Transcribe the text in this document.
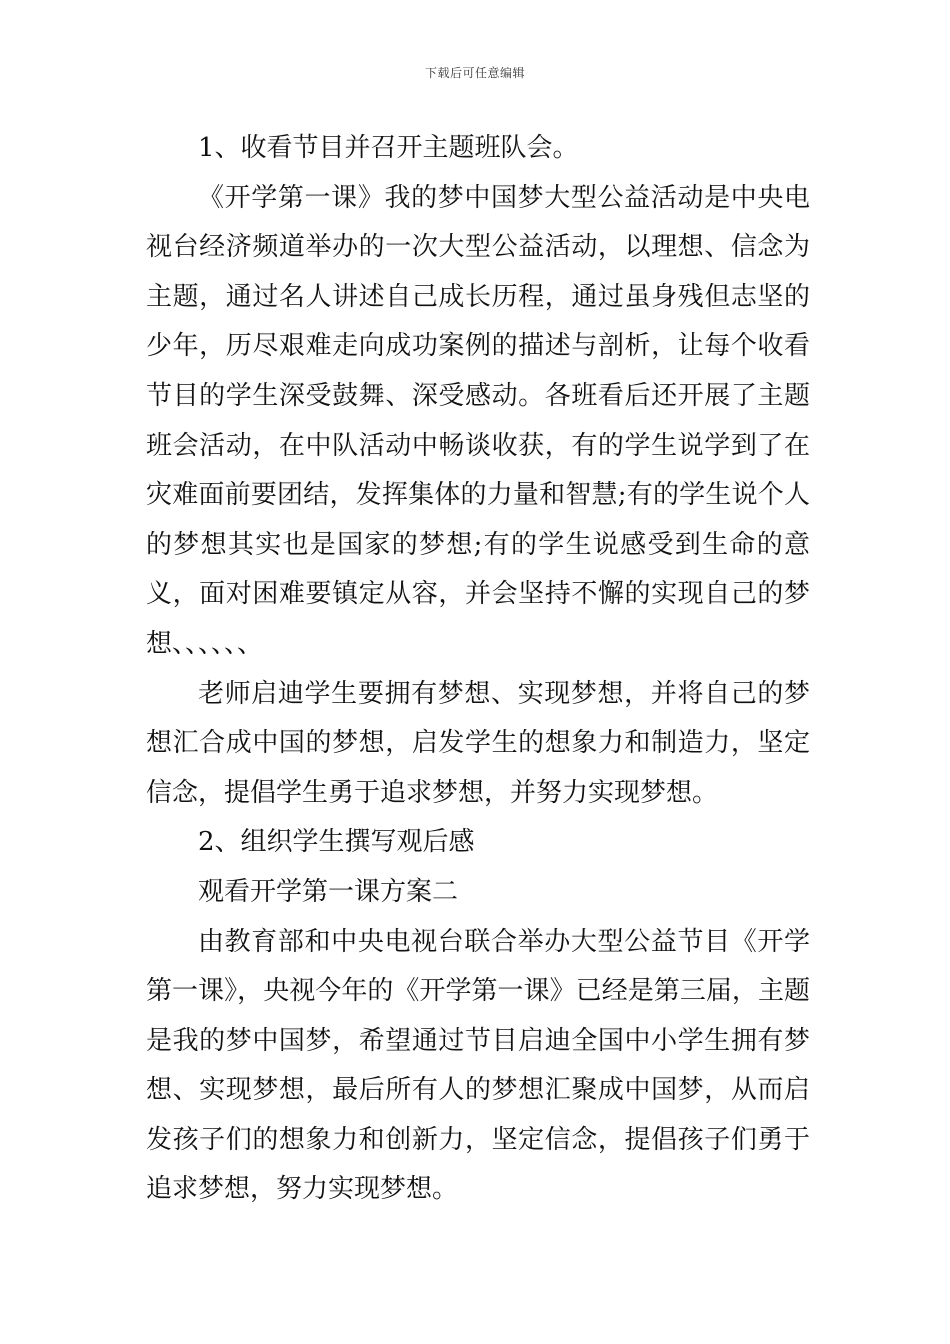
下载后可任意编辑

1、收看节目并召开主题班队会。

《开学第一课》我的梦中国梦大型公益活动是中央电视台经济频道举办的一次大型公益活动，以理想、信念为主题，通过名人讲述自己成长历程，通过虽身残但志坚的少年，历尽艰难走向成功案例的描述与剖析，让每个收看节目的学生深受鼓舞、深受感动。各班看后还开展了主题班会活动，在中队活动中畅谈收获，有的学生说学到了在灾难面前要团结，发挥集体的力量和智慧;有的学生说个人的梦想其实也是国家的梦想;有的学生说感受到生命的意义，面对困难要镇定从容，并会坚持不懈的实现自己的梦想、、、、、、

老师启迪学生要拥有梦想、实现梦想，并将自己的梦想汇合成中国的梦想，启发学生的想象力和制造力，坚定信念，提倡学生勇于追求梦想，并努力实现梦想。

2、组织学生撰写观后感

观看开学第一课方案二

由教育部和中央电视台联合举办大型公益节目《开学第一课》，央视今年的《开学第一课》已经是第三届，主题是我的梦中国梦，希望通过节目启迪全国中小学生拥有梦想、实现梦想，最后所有人的梦想汇聚成中国梦，从而启发孩子们的想象力和创新力，坚定信念，提倡孩子们勇于追求梦想，努力实现梦想。
